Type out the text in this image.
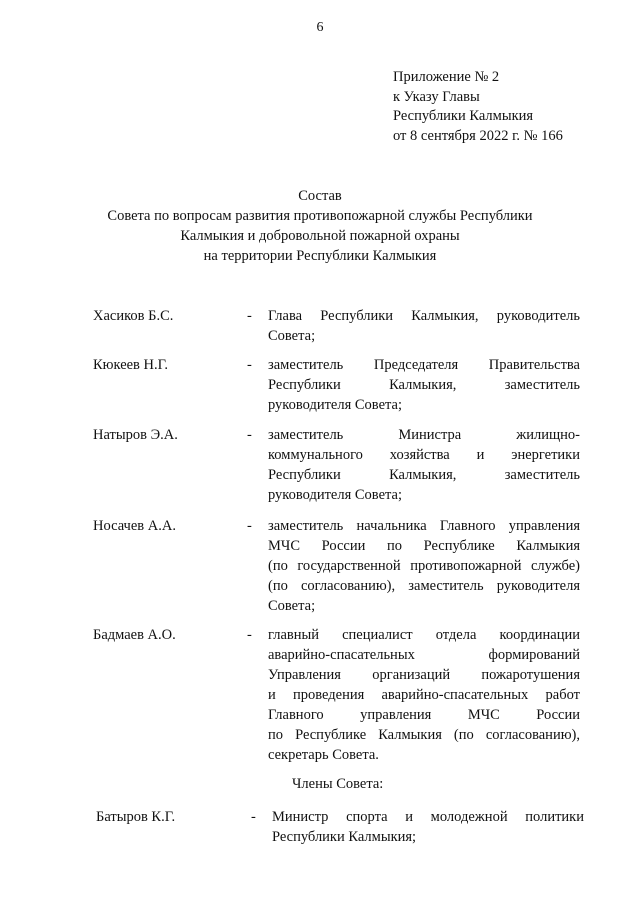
6
Приложение № 2
к Указу Главы
Республики Калмыкия
от 8 сентября 2022 г. № 166
Состав
Совета по вопросам развития противопожарной службы Республики
Калмыкия и добровольной пожарной охраны
на территории Республики Калмыкия
Хасиков Б.С.	- Глава Республики Калмыкия, руководитель
Совета;
Кюкеев Н.Г.	- заместитель Председателя Правительства
Республики Калмыкия, заместитель
руководителя Совета;
Натыров Э.А.	- заместитель Министра жилищно-
коммунального хозяйства и энергетики
Республики Калмыкия, заместитель
руководителя Совета;
Носачев А.А.	- заместитель начальника Главного управления
МЧС России по Республике Калмыкия
(по государственной противопожарной службе)
(по согласованию), заместитель руководителя
Совета;
Бадмаев А.О.	- главный специалист отдела координации
аварийно-спасательных формирований
Управления организаций пожаротушения
и проведения аварийно-спасательных работ
Главного управления МЧС России
по Республике Калмыкия (по согласованию),
секретарь Совета.
Члены Совета:
Батыров К.Г.	- Министр спорта и молодежной политики
Республики Калмыкия;
